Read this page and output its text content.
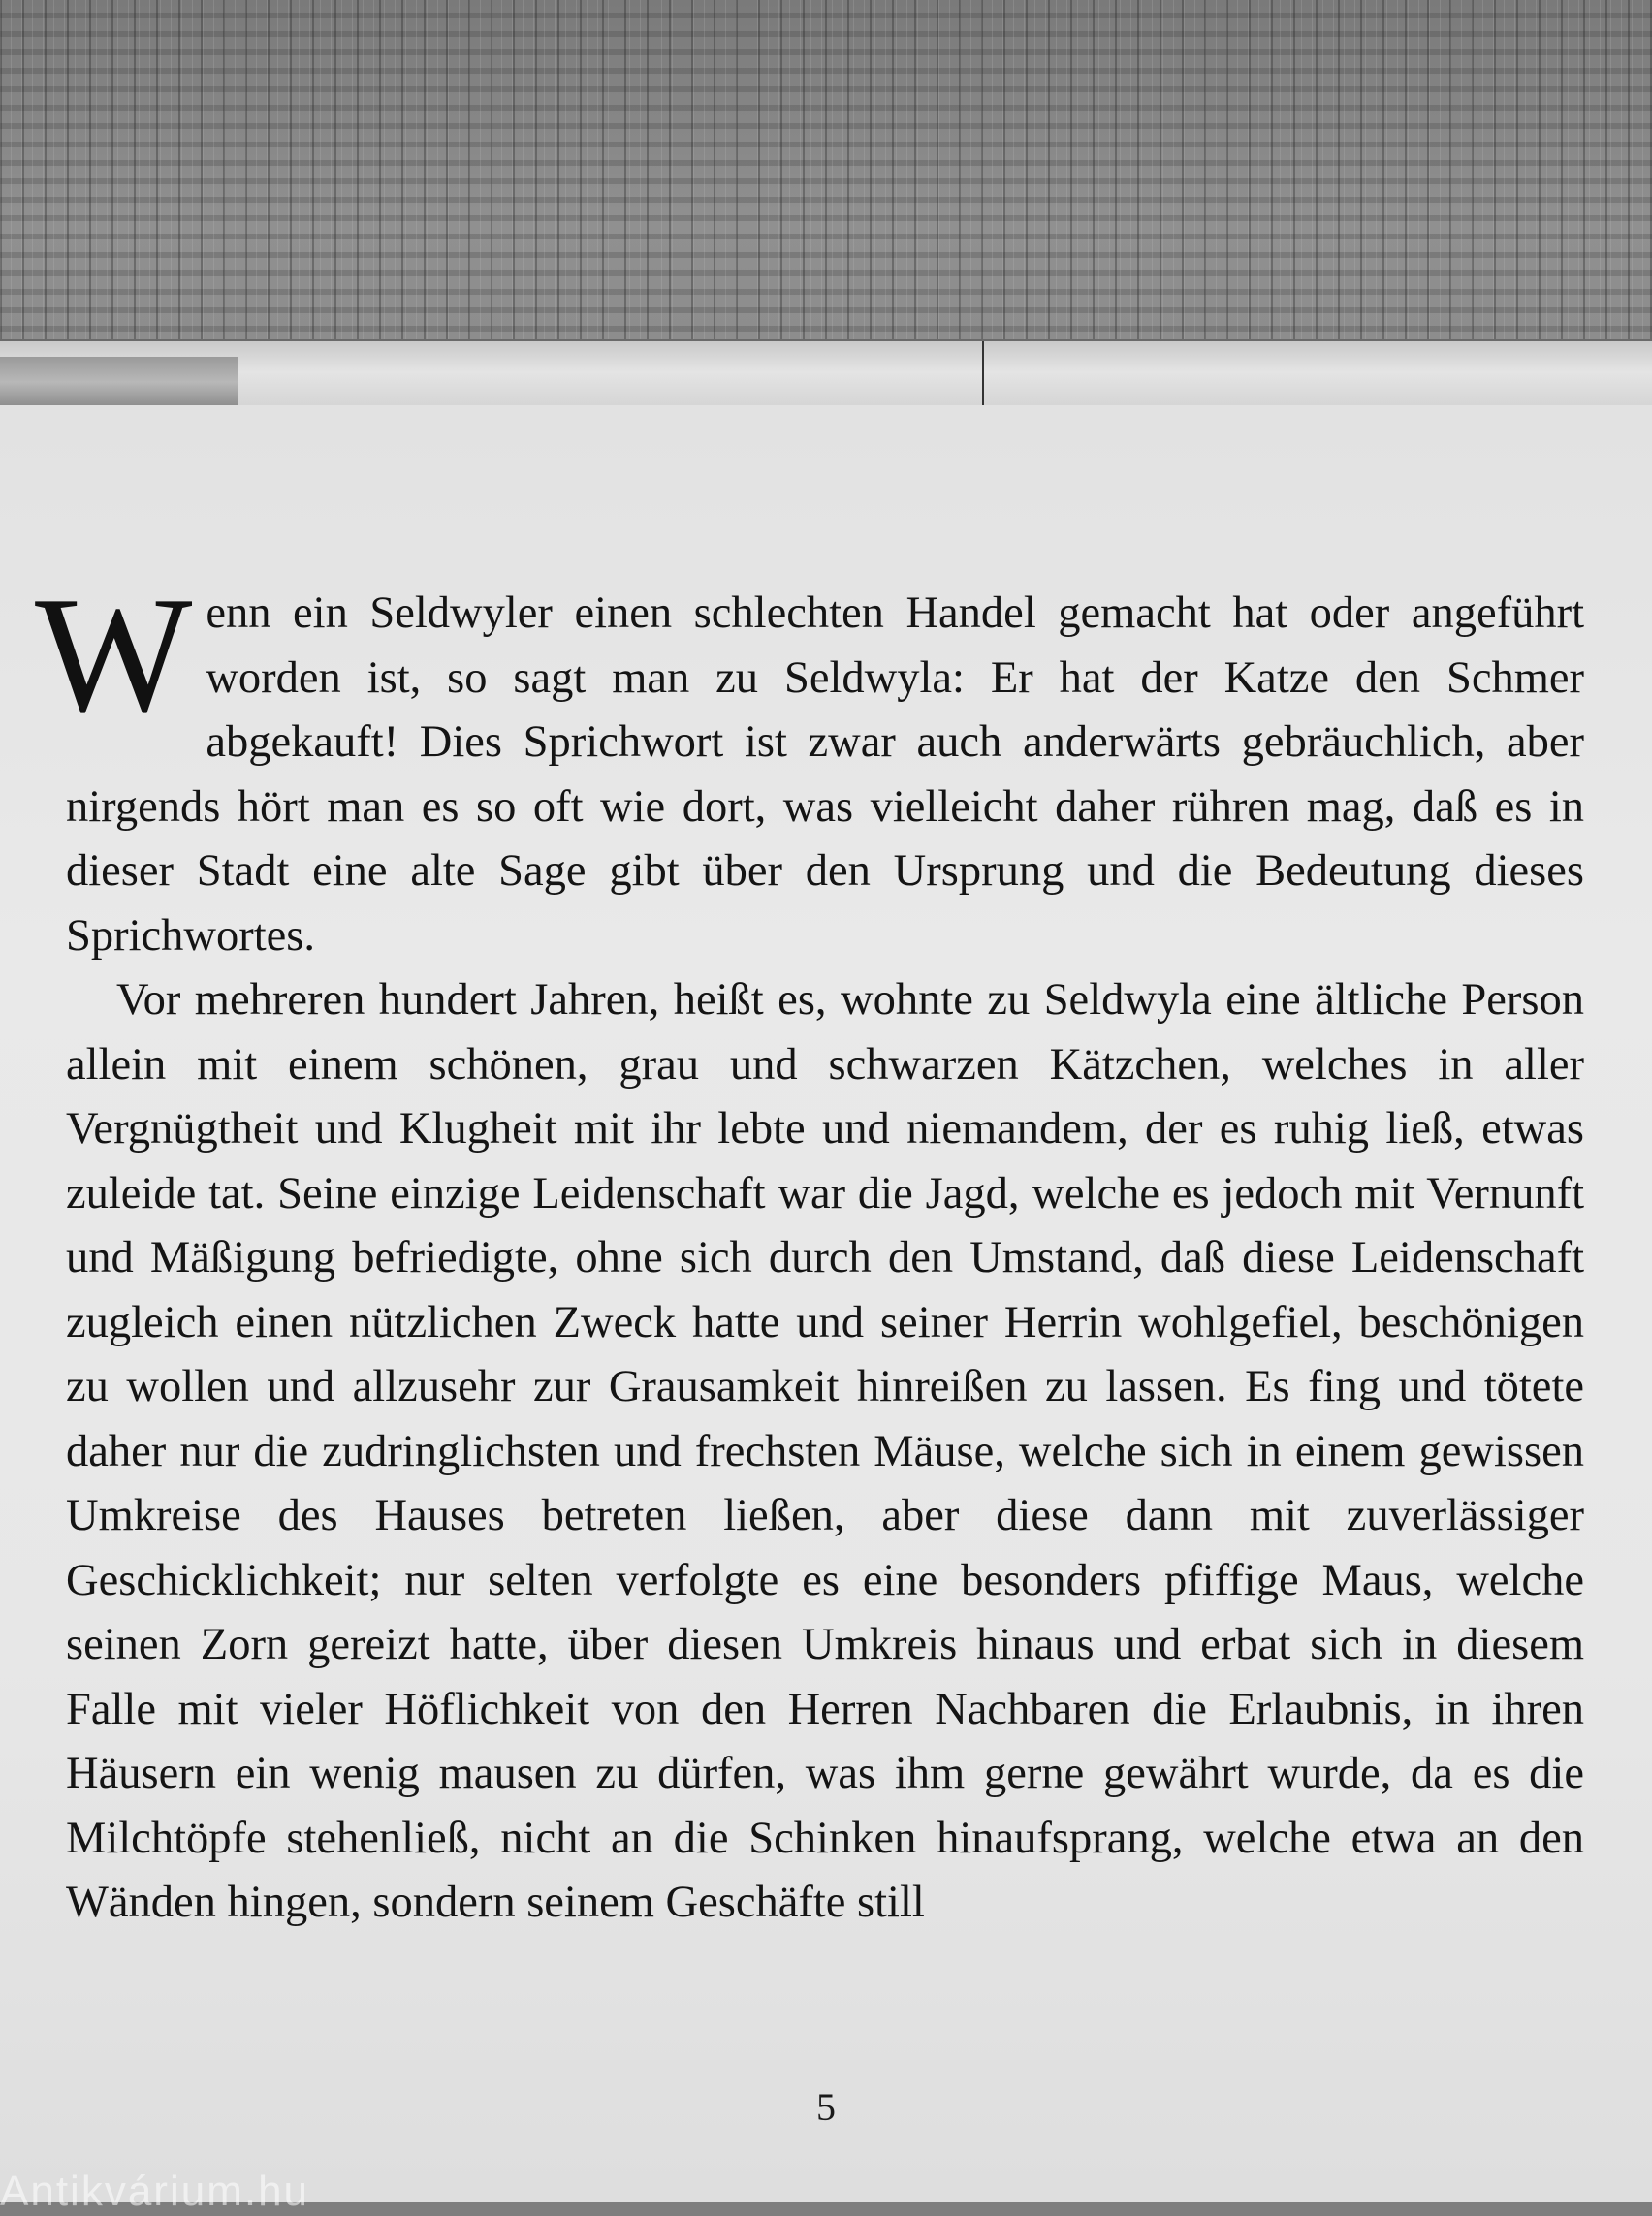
Wenn ein Seldwyler einen schlechten Handel gemacht hat oder angeführt worden ist, so sagt man zu Seldwyla: Er hat der Katze den Schmer abgekauft! Dies Sprichwort ist zwar auch anderwärts gebräuchlich, aber nirgends hört man es so oft wie dort, was vielleicht daher rühren mag, daß es in dieser Stadt eine alte Sage gibt über den Ursprung und die Bedeutung dieses Sprichwortes.

Vor mehreren hundert Jahren, heißt es, wohnte zu Seldwyla eine ältliche Person allein mit einem schönen, grau und schwarzen Kätzchen, welches in aller Vergnügtheit und Klugheit mit ihr lebte und niemandem, der es ruhig ließ, etwas zuleide tat. Seine einzige Leidenschaft war die Jagd, welche es jedoch mit Vernunft und Mäßigung befriedigte, ohne sich durch den Umstand, daß diese Leidenschaft zugleich einen nützlichen Zweck hatte und seiner Herrin wohlgefiel, beschönigen zu wollen und allzusehr zur Grausamkeit hinreißen zu lassen. Es fing und tötete daher nur die zudringlichsten und frechsten Mäuse, welche sich in einem gewissen Umkreise des Hauses betreten ließen, aber diese dann mit zuverlässiger Geschicklichkeit; nur selten verfolgte es eine besonders pfiffige Maus, welche seinen Zorn gereizt hatte, über diesen Umkreis hinaus und erbat sich in diesem Falle mit vieler Höflichkeit von den Herren Nachbaren die Erlaubnis, in ihren Häusern ein wenig mausen zu dürfen, was ihm gerne gewährt wurde, da es die Milchtöpfe stehenließ, nicht an die Schinken hinaufsprang, welche etwa an den Wänden hingen, sondern seinem Geschäfte still

5
Antikvárium.hu
